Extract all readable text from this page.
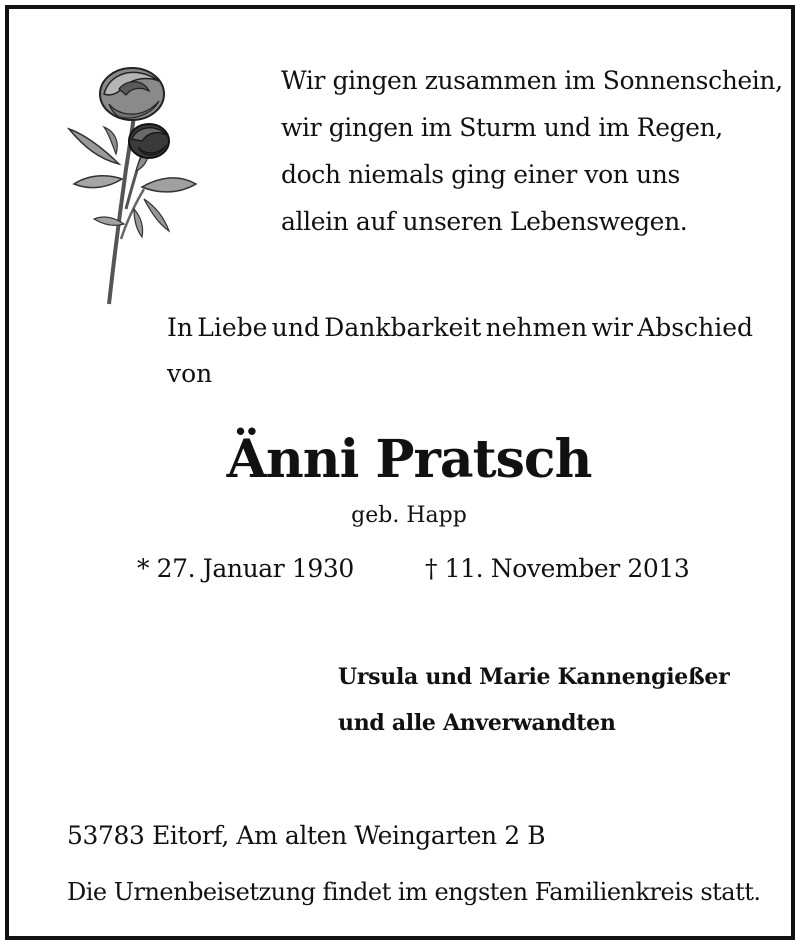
Wir gingen zusammen im Sonnenschein,
wir gingen im Sturm und im Regen,
doch niemals ging einer von uns
allein auf unseren Lebenswegen.
In Liebe und Dankbarkeit nehmen wir Abschied
von
Änni Pratsch
geb. Happ
* 27. Januar 1930	† 11. November 2013
Ursula und Marie Kannengießer
und alle Anverwandten
53783 Eitorf, Am alten Weingarten 2 B
Die Urnenbeisetzung findet im engsten Familienkreis statt.
